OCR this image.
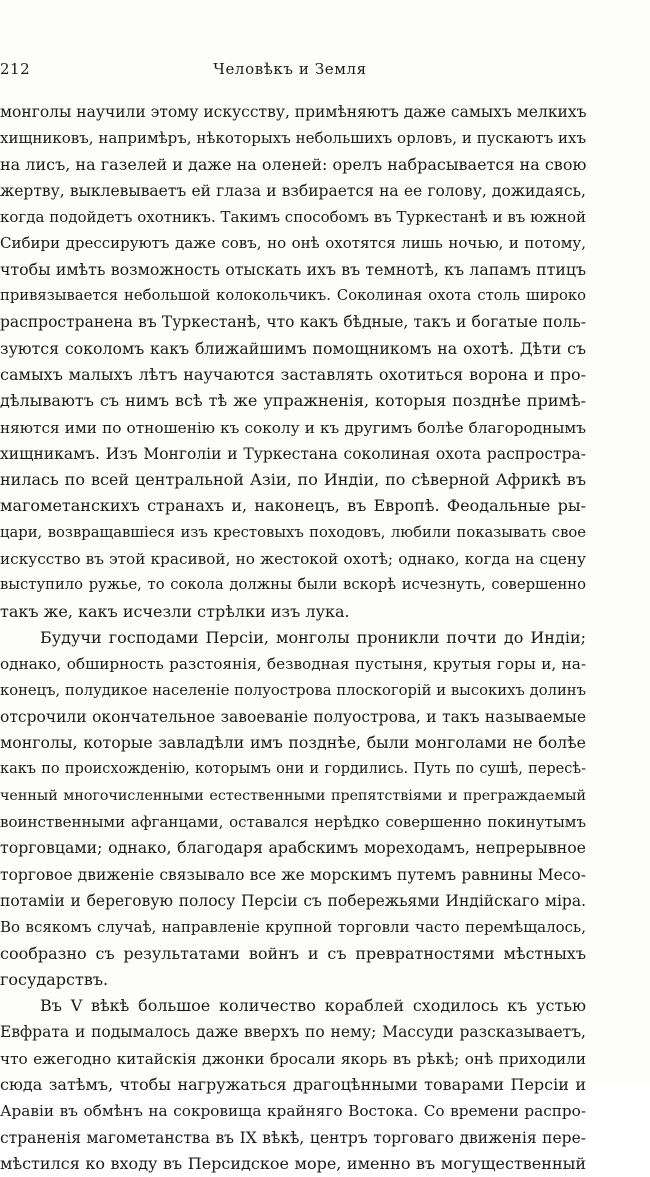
212	Человѣкъ и Земля
монголы научили этому искусству, примѣняютъ даже самыхъ мелкихъ
хищниковъ, напримѣръ, нѣкоторыхъ небольшихъ орловъ, и пускаютъ ихъ
на лисъ, на газелей и даже на оленей: орелъ набрасывается на свою
жертву, выклевываетъ ей глаза и взбирается на ее голову, дожидаясь,
когда подойдетъ охотникъ. Такимъ способомъ въ Туркестанѣ и въ южной
Сибири дрессируютъ даже совъ, но онѣ охотятся лишь ночью, и потому,
чтобы имѣть возможность отыскать ихъ въ темнотѣ, къ лапамъ птицъ
привязывается небольшой колокольчикъ. Соколиная охота столь широко
распространена въ Туркестанѣ, что какъ бѣдные, такъ и богатые поль-
зуются соколомъ какъ ближайшимъ помощникомъ на охотѣ. Дѣти съ
самыхъ малыхъ лѣтъ научаются заставлять охотиться ворона и про-
дѣлываютъ съ нимъ всѣ тѣ же упражненія, которыя позднѣе примѣ-
няются ими по отношенію къ соколу и къ другимъ болѣе благороднымъ
хищникамъ. Изъ Монголіи и Туркестана соколиная охота распростра-
нилась по всей центральной Азіи, по Индіи, по сѣверной Африкѣ въ
магометанскихъ странахъ и, наконецъ, въ Европѣ. Феодальные ры-
цари, возвращавшіеся изъ крестовыхъ походовъ, любили показывать свое
искусство въ этой красивой, но жестокой охотѣ; однако, когда на сцену
выступило ружье, то сокола должны были вскорѣ исчезнуть, совершенно
такъ же, какъ исчезли стрѣлки изъ лука.
Будучи господами Персіи, монголы проникли почти до Индіи;
однако, обширность разстоянія, безводная пустыня, крутыя горы и, на-
конецъ, полудикое населеніе полуострова плоскогорій и высокихъ долинъ
отсрочили окончательное завоеваніе полуострова, и такъ называемые
монголы, которые завладѣли имъ позднѣе, были монголами не болѣе
какъ по происхожденію, которымъ они и гордились. Путь по сушѣ, пересѣ-
ченный многочисленными естественными препятствіями и преграждаемый
воинственными афганцами, оставался нерѣдко совершенно покинутымъ
торговцами; однако, благодаря арабскимъ мореходамъ, непрерывное
торговое движеніе связывало все же морскимъ путемъ равнины Месо-
потаміи и береговую полосу Персіи съ побережьями Индійскаго міра.
Во всякомъ случаѣ, направленіе крупной торговли часто перемѣщалось,
сообразно съ результатами войнъ и съ превратностями мѣстныхъ
государствъ.
Въ V вѣкѣ большое количество кораблей сходилось къ устью
Евфрата и подымалось даже вверхъ по нему; Массуди разсказываетъ,
что ежегодно китайскія джонки бросали якорь въ рѣкѣ; онѣ приходили
сюда затѣмъ, чтобы нагружаться драгоцѣнными товарами Персіи и
Аравіи въ обмѣнъ на сокровища крайняго Востока. Со времени распро-
страненія магометанства въ IX вѣкѣ, центръ торговаго движенія пере-
мѣстился ко входу въ Персидское море, именно въ могущественный
